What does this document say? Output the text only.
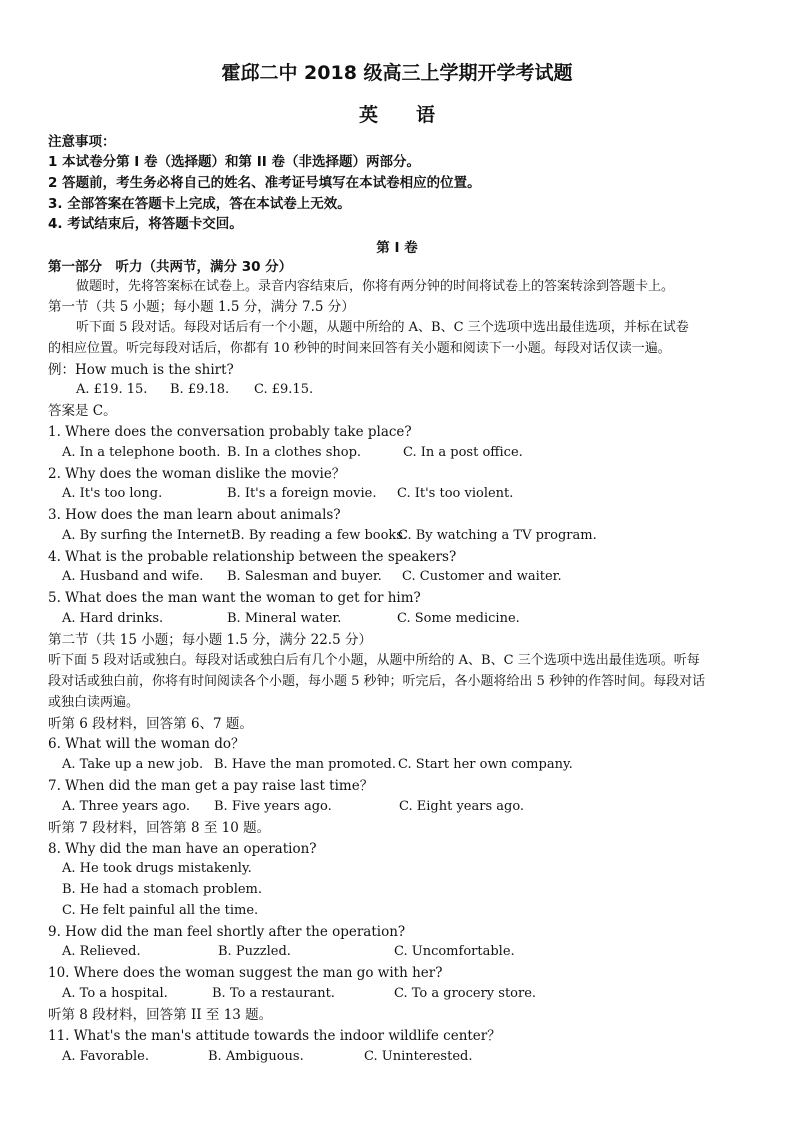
霍邱二中 2018 级高三上学期开学考试题
英　　语
注意事项：
1 本试卷分第 I 卷（选择题）和第 II 卷（非选择题）两部分。
2 答题前，考生务必将自己的姓名、准考证号填写在本试卷相应的位置。
3. 全部答案在答题卡上完成，答在本试卷上无效。
4. 考试结束后，将答题卡交回。
第 I 卷
第一部分　听力（共两节，满分 30 分）
做题时，先将答案标在试卷上。录音内容结束后，你将有两分钟的时间将试卷上的答案转涂到答题卡上。
第一节（共 5 小题；每小题 1.5 分，满分 7.5 分）
听下面 5 段对话。每段对话后有一个小题，从题中所给的 A、B、C 三个选项中选出最佳选项，并标在试卷
的相应位置。听完每段对话后，你都有 10 秒钟的时间来回答有关小题和阅读下一小题。每段对话仅读一遍。
例：How much is the shirt?
A. £19. 15. B. £9.18. C. £9.15.
答案是 C。
1. Where does the conversation probably take place?
A. In a telephone booth. B. In a clothes shop.	C. In a post office.
2. Why does the woman dislike the movie？
A. It's too long.	B. It's a foreign movie. C. It's too violent.
3. How does the man learn about animals?
A. By surfing the Internet.
B. By reading a few books.
C. By watching a TV program.
4. What is the probable relationship between the speakers?
A. Husband and wife. B. Salesman and buyer. C. Customer and waiter.
5. What does the man want the woman to get for him?
A. Hard drinks.	B. Mineral water.	C. Some medicine.
第二节（共 15 小题；每小题 1.5 分，满分 22.5 分）
听下面 5 段对话或独白。每段对话或独白后有几个小题，从题中所给的 A、B、C 三个选项中选出最佳选项。听每
段对话或独白前，你将有时间阅读各个小题，每小题 5 秒钟；听完后，各小题将给出 5 秒钟的作答时间。每段对话
或独白读两遍。
听第 6 段材料，回答第 6、7 题。
6. What will the woman do？
A. Take up a new job. B. Have the man promoted. C. Start her own company.
7. When did the man get a pay raise last time？
A. Three years ago. B. Five years ago.	C. Eight years ago.
听第 7 段材料，回答第 8 至 10 题。
8. Why did the man have an operation?
A. He took drugs mistakenly.
B. He had a stomach problem.
C. He felt painful all the time.
9. How did the man feel shortly after the operation?
A. Relieved.	B. Puzzled.	C. Uncomfortable.
10. Where does the woman suggest the man go with her?
A. To a hospital.	B. To a restaurant.	C. To a grocery store.
听第 8 段材料，回答第 II 至 13 题。
11. What's the man's attitude towards the indoor wildlife center？
A. Favorable.	B. Ambiguous.	C. Uninterested.
